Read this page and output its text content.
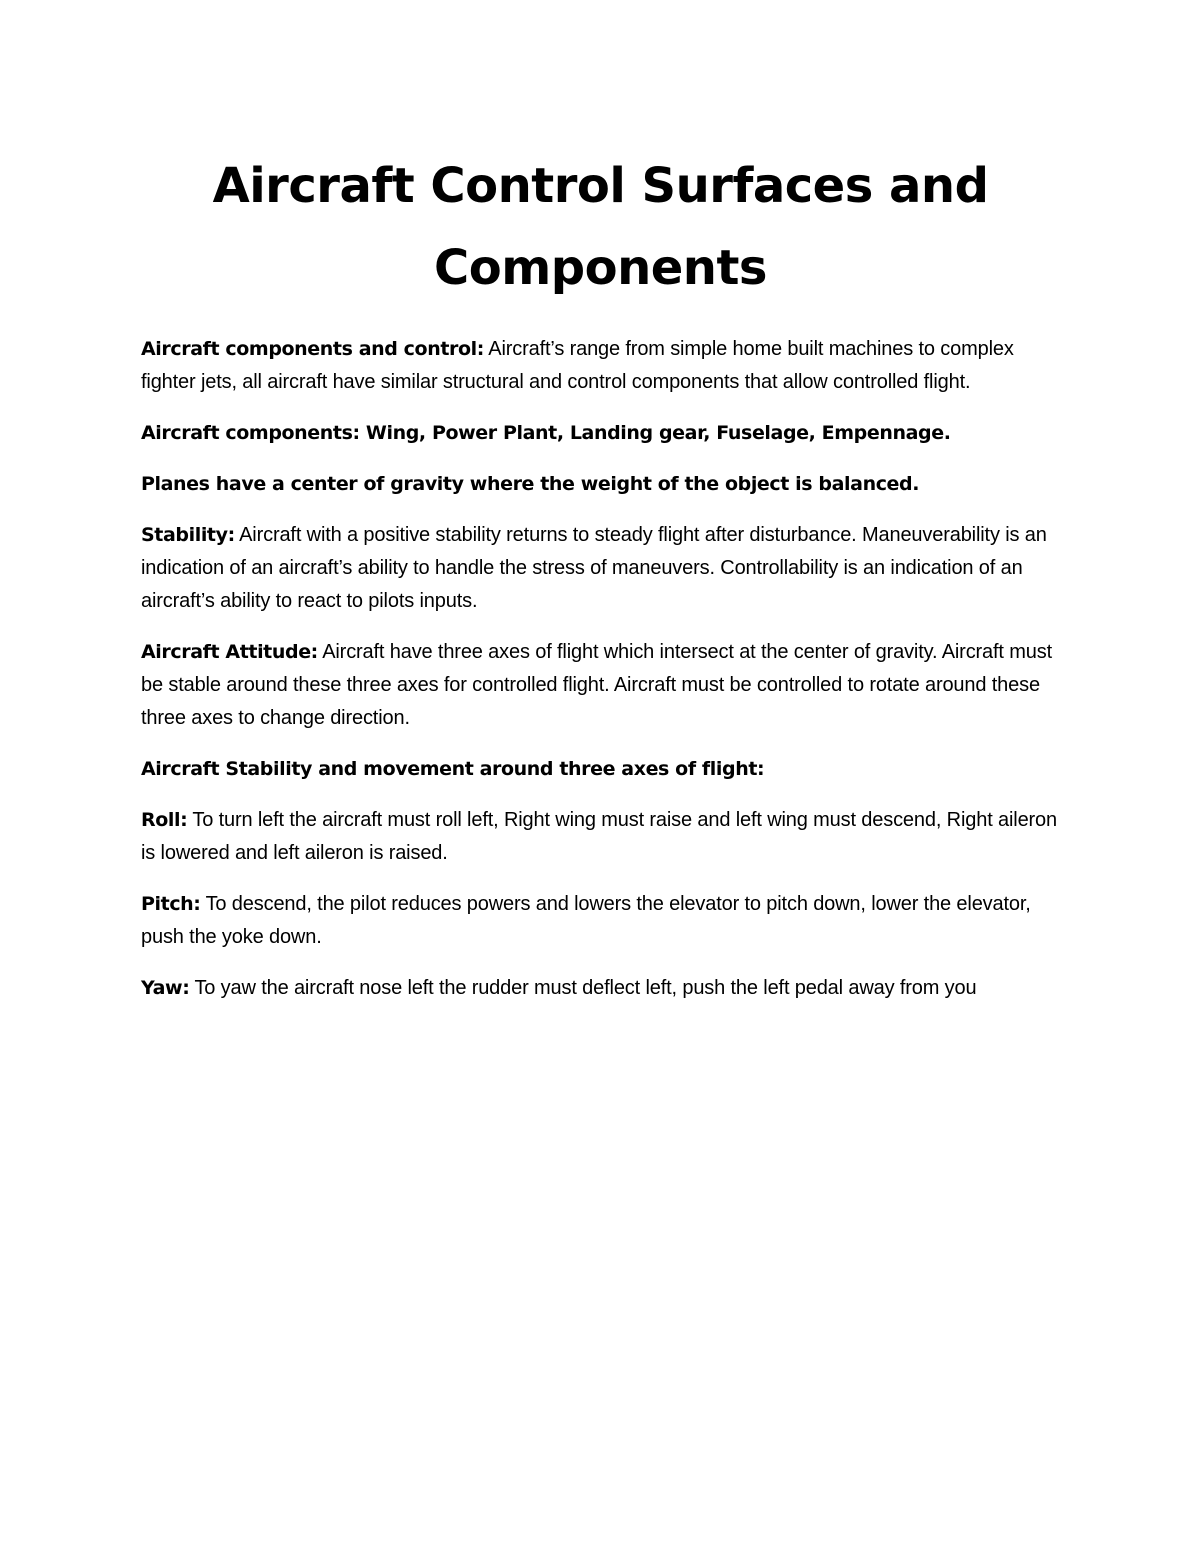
Aircraft Control Surfaces and
Components

Aircraft components and control: Aircraft’s range from simple home built machines to complex fighter jets, all aircraft have similar structural and control components that allow controlled flight.

Aircraft components: Wing, Power Plant, Landing gear, Fuselage, Empennage.

Planes have a center of gravity where the weight of the object is balanced.

Stability: Aircraft with a positive stability returns to steady flight after disturbance. Maneuverability is an indication of an aircraft’s ability to handle the stress of maneuvers. Controllability is an indication of an aircraft’s ability to react to pilots inputs.

Aircraft Attitude: Aircraft have three axes of flight which intersect at the center of gravity. Aircraft must be stable around these three axes for controlled flight. Aircraft must be controlled to rotate around these three axes to change direction.

Aircraft Stability and movement around three axes of flight:

Roll: To turn left the aircraft must roll left, Right wing must raise and left wing must descend, Right aileron is lowered and left aileron is raised.

Pitch: To descend, the pilot reduces powers and lowers the elevator to pitch down, lower the elevator, push the yoke down.

Yaw: To yaw the aircraft nose left the rudder must deflect left, push the left pedal away from you
